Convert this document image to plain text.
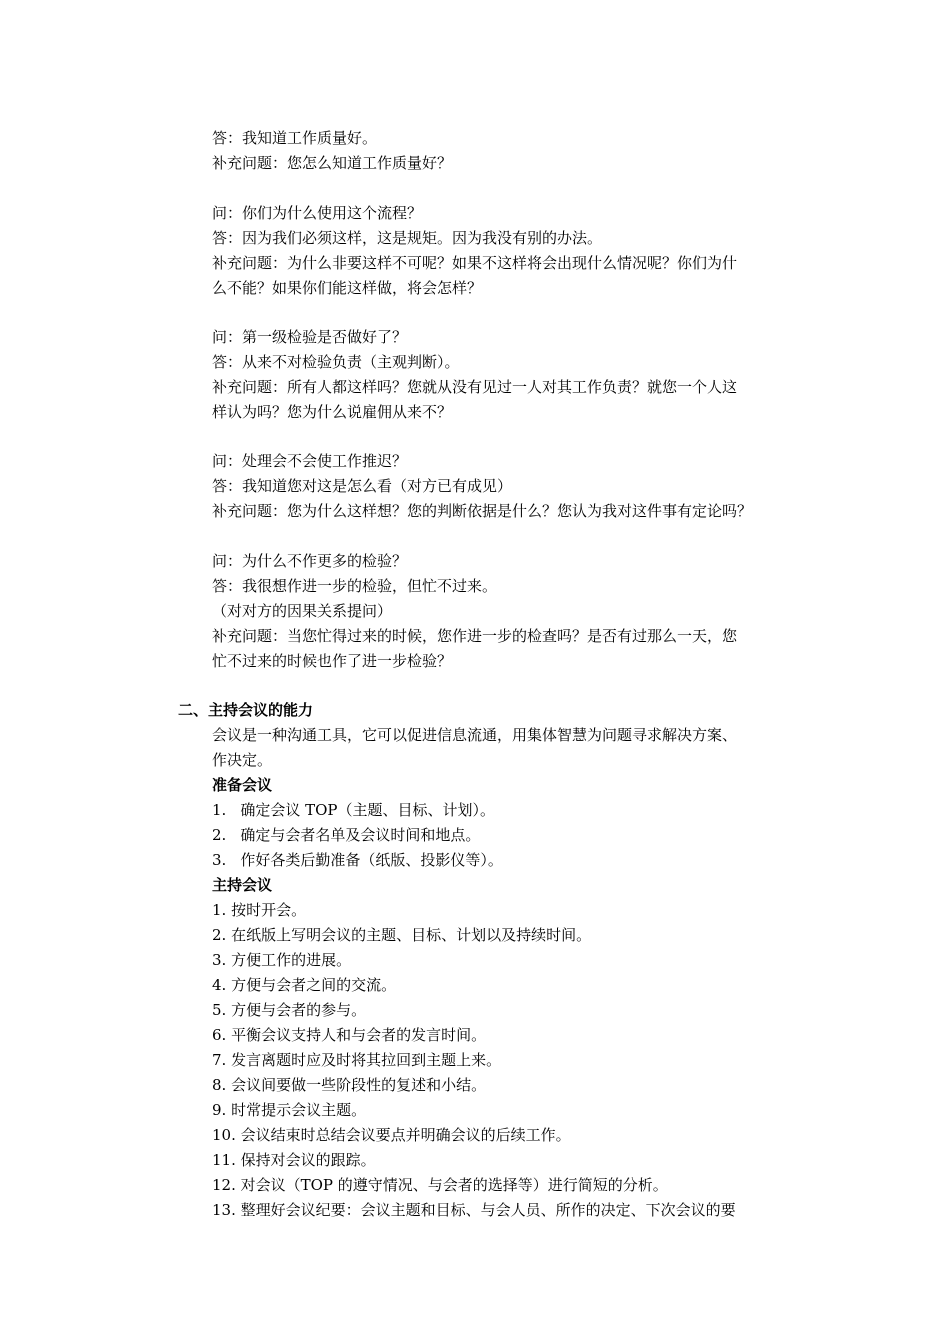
答：我知道工作质量好。
补充问题：您怎么知道工作质量好？
问：你们为什么使用这个流程？
答：因为我们必须这样，这是规矩。因为我没有别的办法。
补充问题：为什么非要这样不可呢？如果不这样将会出现什么情况呢？你们为什
么不能？如果你们能这样做，将会怎样？
问：第一级检验是否做好了？
答：从来不对检验负责（主观判断）。
补充问题：所有人都这样吗？您就从没有见过一人对其工作负责？就您一个人这
样认为吗？您为什么说雇佣从来不？
问：处理会不会使工作推迟？
答：我知道您对这是怎么看（对方已有成见）
补充问题：您为什么这样想？您的判断依据是什么？您认为我对这件事有定论吗？
问：为什么不作更多的检验？
答：我很想作进一步的检验，但忙不过来。
（对对方的因果关系提问）
补充问题：当您忙得过来的时候，您作进一步的检查吗？是否有过那么一天，您
忙不过来的时候也作了进一步检验？
二、主持会议的能力
会议是一种沟通工具，它可以促进信息流通，用集体智慧为问题寻求解决方案、
作决定。
准备会议
1. 确定会议 TOP（主题、目标、计划）。
2. 确定与会者名单及会议时间和地点。
3. 作好各类后勤准备（纸版、投影仪等）。
主持会议
1. 按时开会。
2. 在纸版上写明会议的主题、目标、计划以及持续时间。
3. 方便工作的进展。
4. 方便与会者之间的交流。
5. 方便与会者的参与。
6. 平衡会议支持人和与会者的发言时间。
7. 发言离题时应及时将其拉回到主题上来。
8. 会议间要做一些阶段性的复述和小结。
9. 时常提示会议主题。
10. 会议结束时总结会议要点并明确会议的后续工作。
11. 保持对会议的跟踪。
12. 对会议（TOP 的遵守情况、与会者的选择等）进行简短的分析。
13. 整理好会议纪要：会议主题和目标、与会人员、所作的决定、下次会议的要
